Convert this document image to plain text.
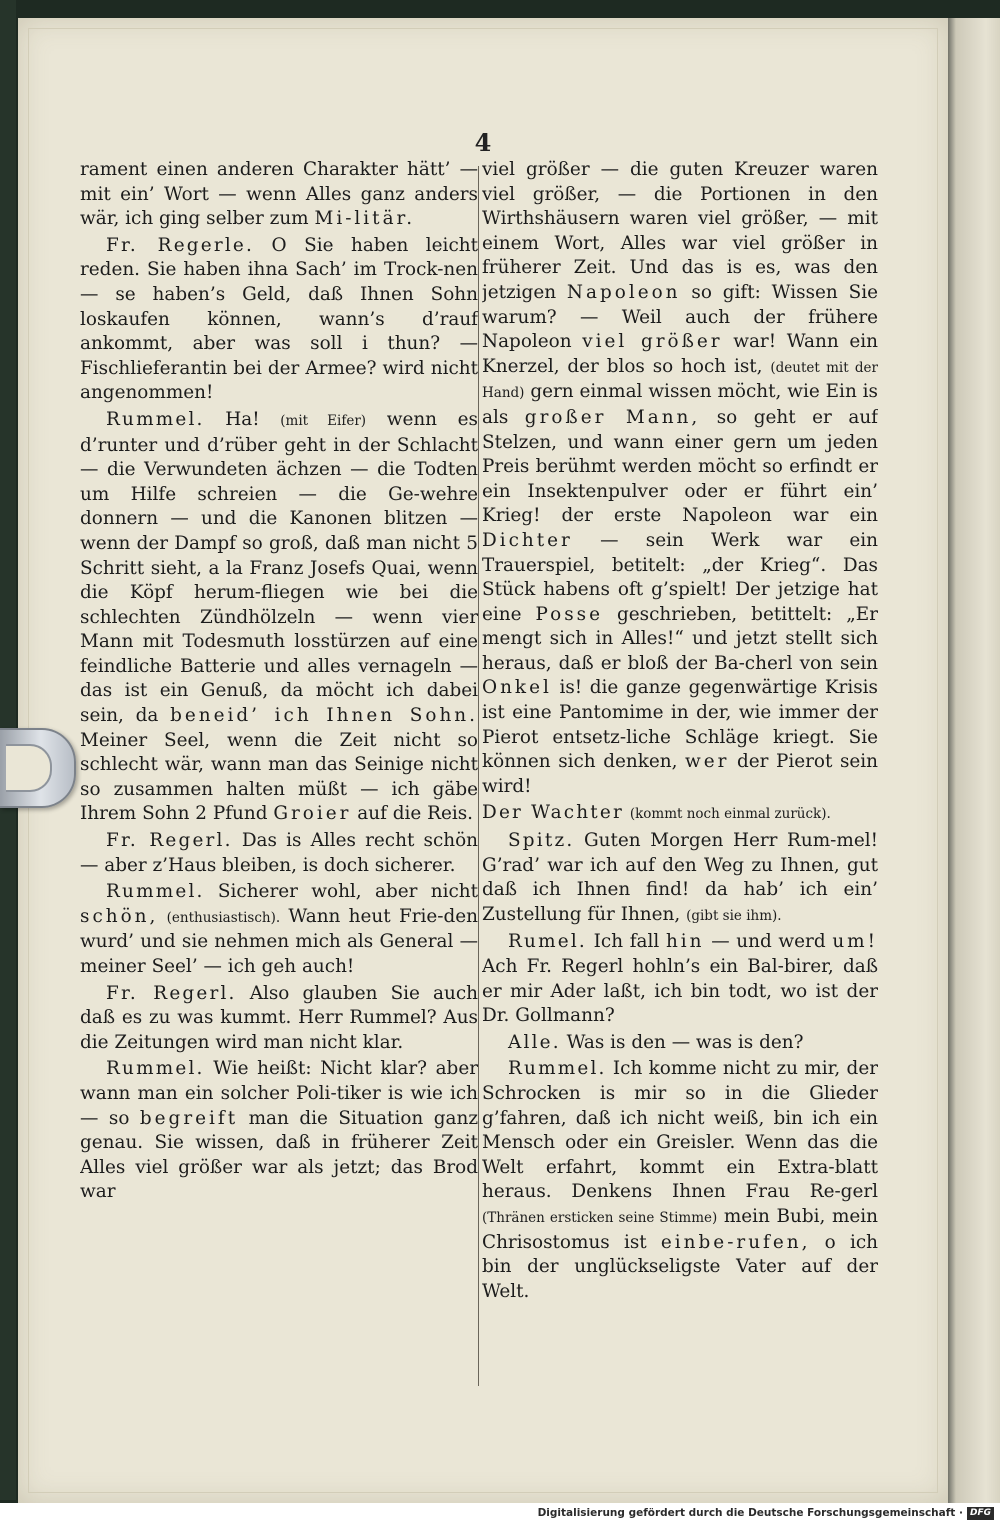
4

rament einen anderen Charakter hätt’ — mit ein’ Wort — wenn Alles ganz anders wär, ich ging selber zum Mi-litär.

Fr. Regerle. O Sie haben leicht reden. Sie haben ihna Sach’ im Trock-nen — se haben’s Geld, daß Ihnen Sohn loskaufen können, wann’s d’rauf ankommt, aber was soll i thun? — Fischlieferantin bei der Armee? wird nicht angenommen!

Rummel. Ha! (mit Eifer) wenn es d’runter und d’rüber geht in der Schlacht — die Verwundeten ächzen — die Todten um Hilfe schreien — die Ge-wehre donnern — und die Kanonen blitzen — wenn der Dampf so groß, daß man nicht 5 Schritt sieht, a la Franz Josefs Quai, wenn die Köpf herum-fliegen wie bei die schlechten Zündhölzeln — wenn vier Mann mit Todesmuth losstürzen auf eine feindliche Batterie und alles vernageln — das ist ein Genuß, da möcht ich dabei sein, da beneid’ ich Ihnen Sohn. Meiner Seel, wenn die Zeit nicht so schlecht wär, wann man das Seinige nicht so zusammen halten müßt — ich gäbe Ihrem Sohn 2 Pfund Groier auf die Reis.

Fr. Regerl. Das is Alles recht schön — aber z’Haus bleiben, is doch sicherer.

Rummel. Sicherer wohl, aber nicht schön, (enthusiastisch). Wann heut Frie-den wurd’ und sie nehmen mich als General — meiner Seel’ — ich geh auch!

Fr. Regerl. Also glauben Sie auch daß es zu was kummt. Herr Rummel? Aus die Zeitungen wird man nicht klar.

Rummel. Wie heißt: Nicht klar? aber wann man ein solcher Poli-tiker is wie ich — so begreift man die Situation ganz genau. Sie wissen, daß in früherer Zeit Alles viel größer war als jetzt; das Brod war

viel größer — die guten Kreuzer waren viel größer, — die Portionen in den Wirthshäusern waren viel größer, — mit einem Wort, Alles war viel größer in früherer Zeit. Und das is es, was den jetzigen Napoleon so gift: Wissen Sie warum? — Weil auch der frühere Napoleon viel größer war! Wann ein Knerzel, der blos so hoch ist, (deutet mit der Hand) gern einmal wissen möcht, wie Ein is als großer Mann, so geht er auf Stelzen, und wann einer gern um jeden Preis berühmt werden möcht so erfindt er ein Insektenpulver oder er führt ein’ Krieg! der erste Napoleon war ein Dichter — sein Werk war ein Trauerspiel, betitelt: „der Krieg“. Das Stück habens oft g’spielt! Der jetzige hat eine Posse geschrieben, betittelt: „Er mengt sich in Alles!“ und jetzt stellt sich heraus, daß er bloß der Ba-cherl von sein Onkel is! die ganze gegenwärtige Krisis ist eine Pantomime in der, wie immer der Pierot entsetz-liche Schläge kriegt. Sie können sich denken, wer der Pierot sein wird!

Der Wachter (kommt noch einmal zurück).

Spitz. Guten Morgen Herr Rum-mel! G’rad’ war ich auf den Weg zu Ihnen, gut daß ich Ihnen find! da hab’ ich ein’ Zustellung für Ihnen, (gibt sie ihm).

Rumel. Ich fall hin — und werd um! Ach Fr. Regerl hohln’s ein Bal-birer, daß er mir Ader laßt, ich bin todt, wo ist der Dr. Gollmann?

Alle. Was is den — was is den?

Rummel. Ich komme nicht zu mir, der Schrocken is mir so in die Glieder g’fahren, daß ich nicht weiß, bin ich ein Mensch oder ein Greisler. Wenn das die Welt erfahrt, kommt ein Extra-blatt heraus. Denkens Ihnen Frau Re-gerl (Thränen ersticken seine Stimme) mein Bubi, mein Chrisostomus ist einbe-rufen, o ich bin der unglückseligste Vater auf der Welt.

Digitalisierung gefördert durch die Deutsche Forschungsgemeinschaft · DFG
